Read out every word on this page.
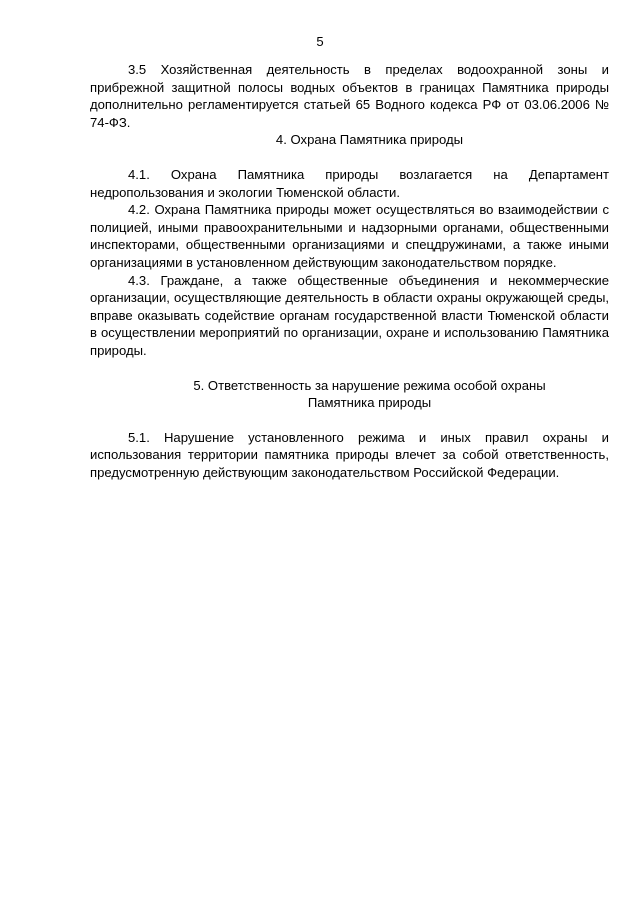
5

3.5 Хозяйственная деятельность в пределах водоохранной зоны и прибрежной защитной полосы водных объектов в границах Памятника природы дополнительно регламентируется статьей 65 Водного кодекса РФ от 03.06.2006 № 74-ФЗ.

4. Охрана Памятника природы

4.1. Охрана Памятника природы возлагается на Департамент недропользования и экологии Тюменской области.

4.2. Охрана Памятника природы может осуществляться во взаимодействии с полицией, иными правоохранительными и надзорными органами, общественными инспекторами, общественными организациями и спецдружинами, а также иными организациями в установленном действующим законодательством порядке.

4.3. Граждане, а также общественные объединения и некоммерческие организации, осуществляющие деятельность в области охраны окружающей среды, вправе оказывать содействие органам государственной власти Тюменской области в осуществлении мероприятий по организации, охране и использованию Памятника природы.

5. Ответственность за нарушение режима особой охраны
Памятника природы

5.1. Нарушение установленного режима и иных правил охраны и использования территории памятника природы влечет за собой ответственность, предусмотренную действующим законодательством Российской Федерации.
